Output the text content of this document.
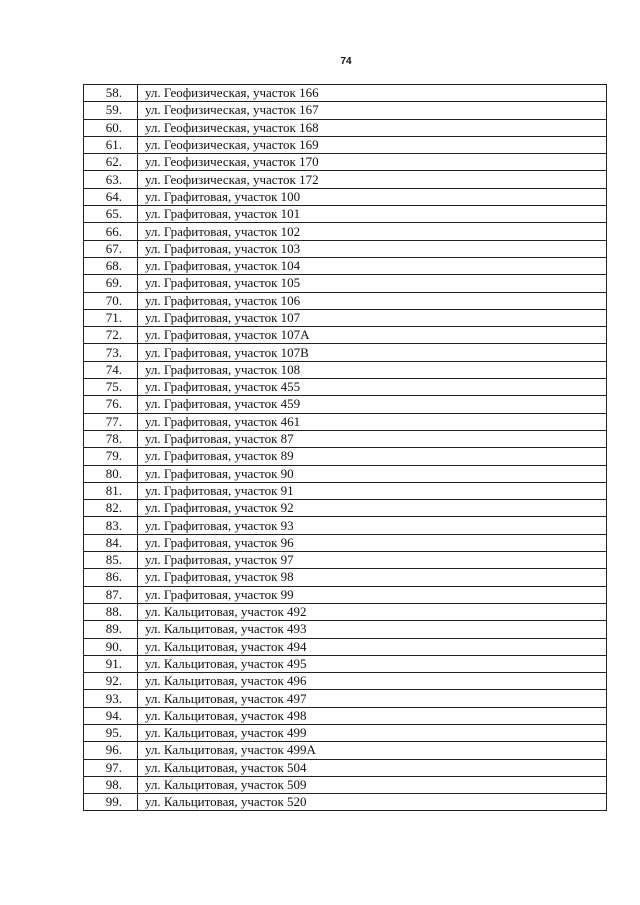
74
58.	ул. Геофизическая, участок 166
59.	ул. Геофизическая, участок 167
60.	ул. Геофизическая, участок 168
61.	ул. Геофизическая, участок 169
62.	ул. Геофизическая, участок 170
63.	ул. Геофизическая, участок 172
64.	ул. Графитовая, участок 100
65.	ул. Графитовая, участок 101
66.	ул. Графитовая, участок 102
67.	ул. Графитовая, участок 103
68.	ул. Графитовая, участок 104
69.	ул. Графитовая, участок 105
70.	ул. Графитовая, участок 106
71.	ул. Графитовая, участок 107
72.	ул. Графитовая, участок 107А
73.	ул. Графитовая, участок 107В
74.	ул. Графитовая, участок 108
75.	ул. Графитовая, участок 455
76.	ул. Графитовая, участок 459
77.	ул. Графитовая, участок 461
78.	ул. Графитовая, участок 87
79.	ул. Графитовая, участок 89
80.	ул. Графитовая, участок 90
81.	ул. Графитовая, участок 91
82.	ул. Графитовая, участок 92
83.	ул. Графитовая, участок 93
84.	ул. Графитовая, участок 96
85.	ул. Графитовая, участок 97
86.	ул. Графитовая, участок 98
87.	ул. Графитовая, участок 99
88.	ул. Кальцитовая, участок 492
89.	ул. Кальцитовая, участок 493
90.	ул. Кальцитовая, участок 494
91.	ул. Кальцитовая, участок 495
92.	ул. Кальцитовая, участок 496
93.	ул. Кальцитовая, участок 497
94.	ул. Кальцитовая, участок 498
95.	ул. Кальцитовая, участок 499
96.	ул. Кальцитовая, участок 499А
97.	ул. Кальцитовая, участок 504
98.	ул. Кальцитовая, участок 509
99.	ул. Кальцитовая, участок 520
